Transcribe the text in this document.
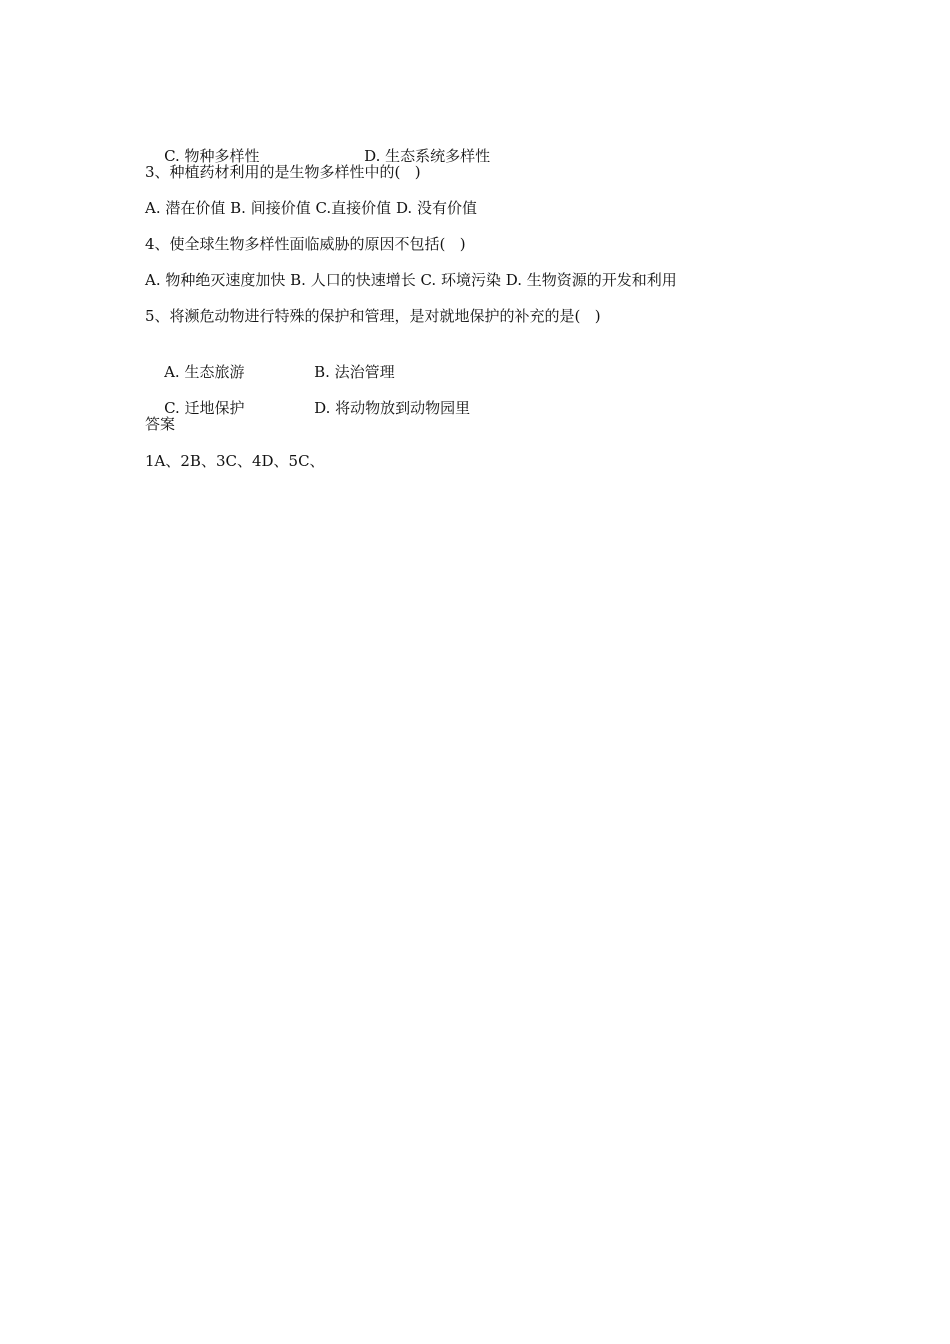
C. 物种多样性	D. 生态系统多样性

3、种植药材利用的是生物多样性中的(   )
A. 潜在价值 B. 间接价值 C.直接价值 D. 没有价值
4、使全球生物多样性面临威胁的原因不包括(   )
A. 物种绝灭速度加快 B. 人口的快速增长 C. 环境污染 D. 生物资源的开发和利用
5、将濒危动物进行特殊的保护和管理，是对就地保护的补充的是(   )

A. 生态旅游	B. 法治管理

C. 迁地保护	D. 将动物放到动物园里

答案
1A、2B、3C、4D、5C、
